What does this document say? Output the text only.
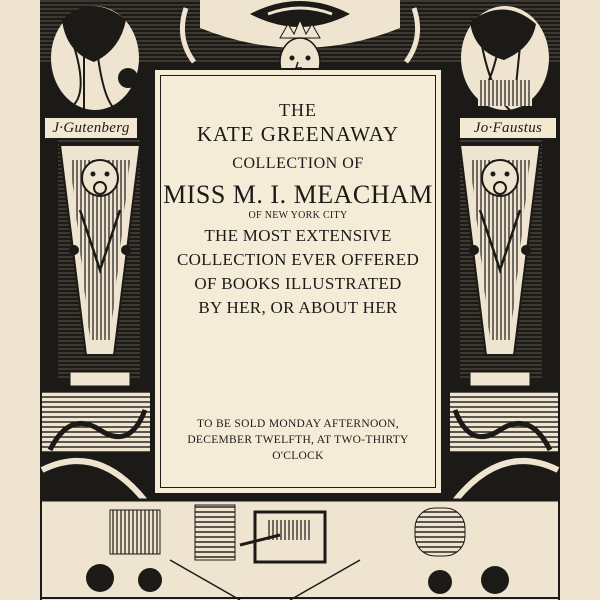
J·Gutenberg	Jo·Faustus
THE
KATE GREENAWAY
COLLECTION OF
MISS M. I. MEACHAM
OF NEW YORK CITY
THE MOST EXTENSIVE
COLLECTION EVER OFFERED
OF BOOKS ILLUSTRATED
BY HER, OR ABOUT HER
TO BE SOLD MONDAY AFTERNOON,
DECEMBER TWELFTH, AT TWO-THIRTY
O'CLOCK
